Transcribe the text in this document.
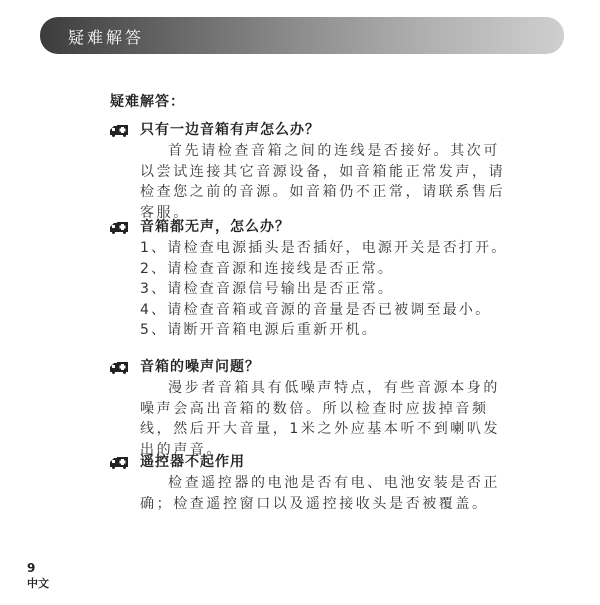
疑难解答
疑难解答：
只有一边音箱有声怎么办？
首先请检查音箱之间的连线是否接好。其次可以尝试连接其它音源设备，如音箱能正常发声，请检查您之前的音源。如音箱仍不正常，请联系售后客服。
音箱都无声，怎么办？
1、请检查电源插头是否插好，电源开关是否打开。
2、请检查音源和连接线是否正常。
3、请检查音源信号输出是否正常。
4、请检查音箱或音源的音量是否已被调至最小。
5、请断开音箱电源后重新开机。
音箱的噪声问题？
漫步者音箱具有低噪声特点，有些音源本身的噪声会高出音箱的数倍。所以检查时应拔掉音频线，然后开大音量，1米之外应基本听不到喇叭发出的声音。
遥控器不起作用
检查遥控器的电池是否有电、电池安装是否正确；检查遥控窗口以及遥控接收头是否被覆盖。
9
中文
